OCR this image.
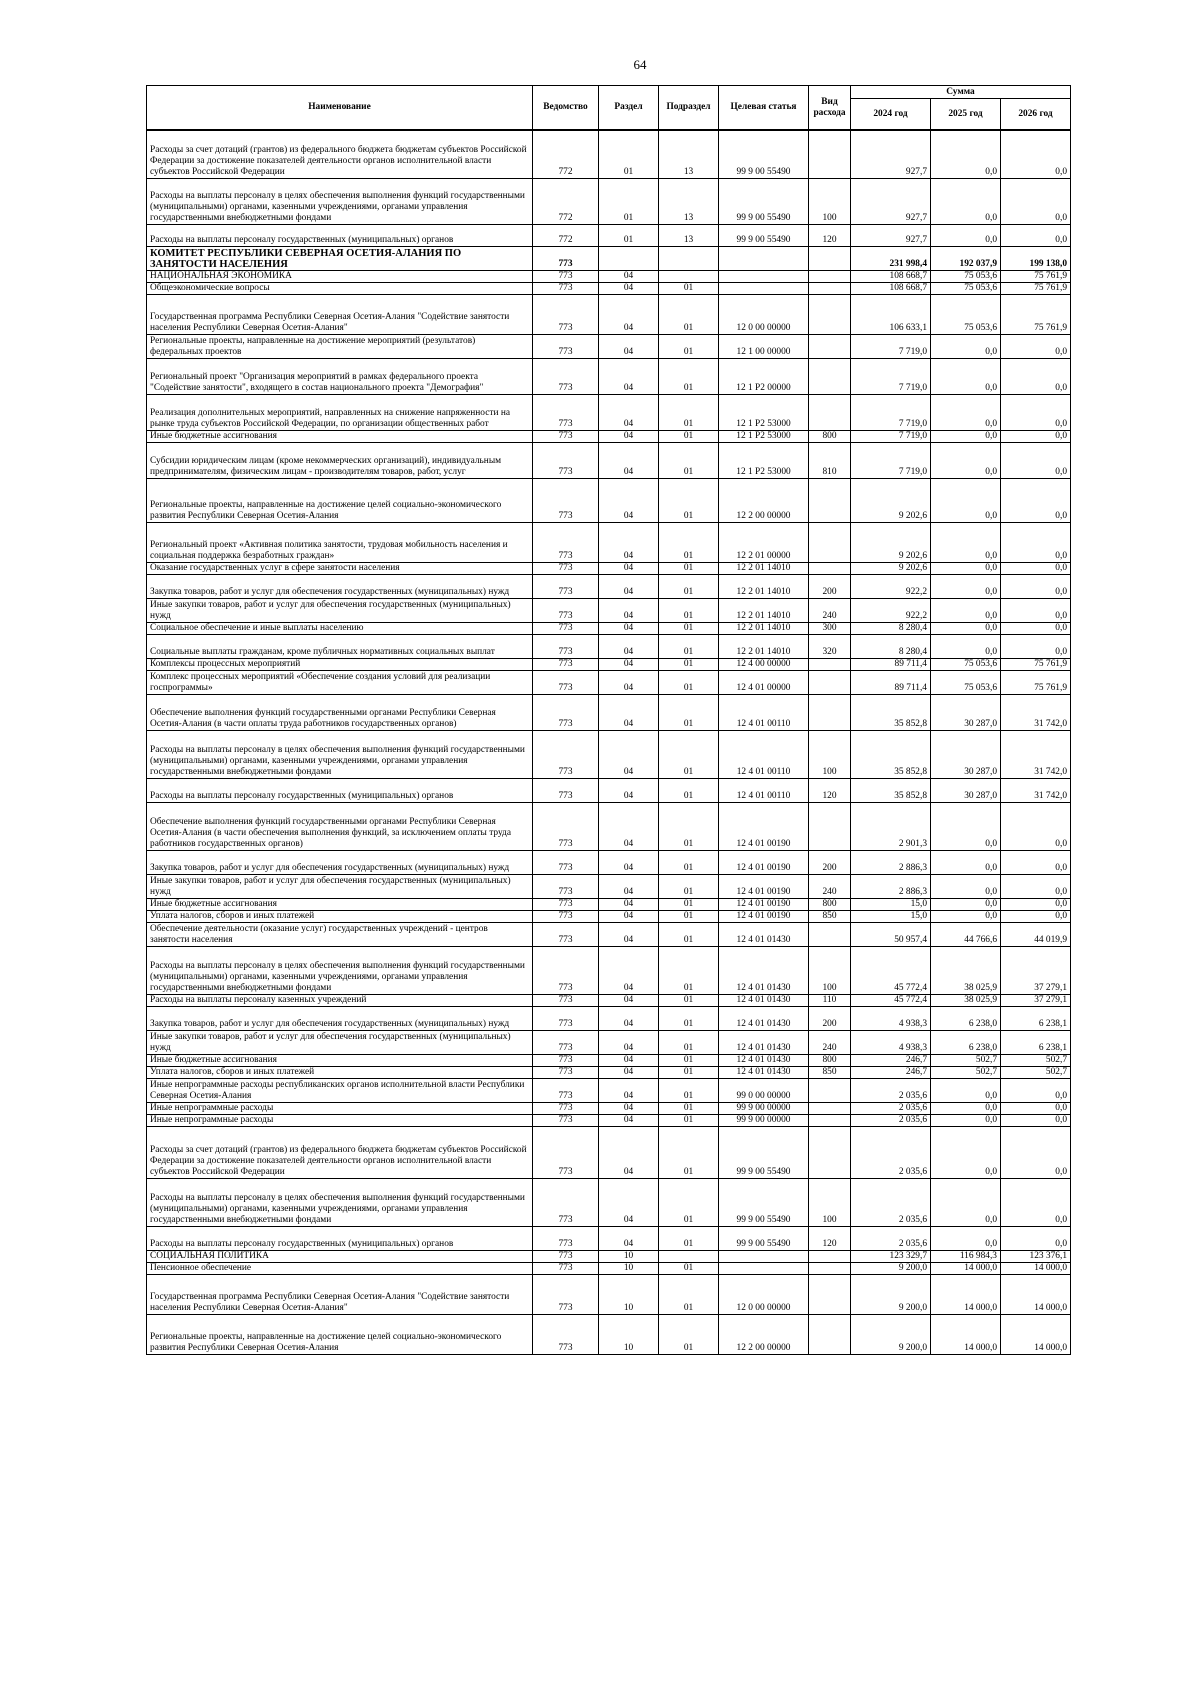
64
Наименование	Ведомство	Раздел	Подраздел	Целевая статья	Вид расхода	Сумма		
						2024 год	2025 год	2026 год
Расходы за счет дотаций (грантов) из федерального бюджета бюджетам субъектов Российской Федерации за достижение показателей деятельности органов исполнительной власти субъектов Российской Федерации	772	01	13	99 9 00 55490		927,7	0,0	0,0
Расходы на выплаты персоналу в целях обеспечения выполнения функций государственными (муниципальными) органами, казенными учреждениями, органами управления государственными внебюджетными фондами	772	01	13	99 9 00 55490	100	927,7	0,0	0,0
Расходы на выплаты персоналу государственных (муниципальных) органов	772	01	13	99 9 00 55490	120	927,7	0,0	0,0
КОМИТЕТ РЕСПУБЛИКИ СЕВЕРНАЯ ОСЕТИЯ-АЛАНИЯ ПО ЗАНЯТОСТИ НАСЕЛЕНИЯ	773					231 998,4	192 037,9	199 138,0
НАЦИОНАЛЬНАЯ ЭКОНОМИКА	773	04				108 668,7	75 053,6	75 761,9
Общеэкономические вопросы	773	04	01			108 668,7	75 053,6	75 761,9
Государственная программа Республики Северная Осетия-Алания "Содействие занятости населения Республики Северная Осетия-Алания"	773	04	01	12 0 00 00000		106 633,1	75 053,6	75 761,9
Региональные проекты, направленные на достижение мероприятий (результатов) федеральных проектов	773	04	01	12 1 00 00000		7 719,0	0,0	0,0
Региональный проект "Организация мероприятий в рамках федерального проекта "Содействие занятости", входящего в состав национального проекта "Демография"	773	04	01	12 1 P2 00000		7 719,0	0,0	0,0
Реализация дополнительных мероприятий, направленных на снижение напряженности на рынке труда субъектов Российской Федерации, по организации общественных работ	773	04	01	12 1 P2 53000		7 719,0	0,0	0,0
Иные бюджетные ассигнования	773	04	01	12 1 P2 53000	800	7 719,0	0,0	0,0
Субсидии юридическим лицам (кроме некоммерческих организаций), индивидуальным предпринимателям, физическим лицам - производителям товаров, работ, услуг	773	04	01	12 1 P2 53000	810	7 719,0	0,0	0,0
Региональные проекты, направленные на достижение целей социально-экономического развития Республики Северная Осетия-Алания	773	04	01	12 2 00 00000		9 202,6	0,0	0,0
Региональный проект «Активная политика занятости, трудовая мобильность населения и социальная поддержка безработных граждан»	773	04	01	12 2 01 00000		9 202,6	0,0	0,0
Оказание государственных услуг в сфере занятости населения	773	04	01	12 2 01 14010		9 202,6	0,0	0,0
Закупка товаров, работ и услуг для обеспечения государственных (муниципальных) нужд	773	04	01	12 2 01 14010	200	922,2	0,0	0,0
Иные закупки товаров, работ и услуг для обеспечения государственных (муниципальных) нужд	773	04	01	12 2 01 14010	240	922,2	0,0	0,0
Социальное обеспечение и иные выплаты населению	773	04	01	12 2 01 14010	300	8 280,4	0,0	0,0
Социальные выплаты гражданам, кроме публичных нормативных социальных выплат	773	04	01	12 2 01 14010	320	8 280,4	0,0	0,0
Комплексы процессных мероприятий	773	04	01	12 4 00 00000		89 711,4	75 053,6	75 761,9
Комплекс процессных мероприятий «Обеспечение создания условий для реализации госпрограммы»	773	04	01	12 4 01 00000		89 711,4	75 053,6	75 761,9
Обеспечение выполнения функций государственными органами Республики Северная Осетия-Алания (в части оплаты труда работников государственных органов)	773	04	01	12 4 01 00110		35 852,8	30 287,0	31 742,0
Расходы на выплаты персоналу в целях обеспечения выполнения функций государственными (муниципальными) органами, казенными учреждениями, органами управления государственными внебюджетными фондами	773	04	01	12 4 01 00110	100	35 852,8	30 287,0	31 742,0
Расходы на выплаты персоналу государственных (муниципальных) органов	773	04	01	12 4 01 00110	120	35 852,8	30 287,0	31 742,0
Обеспечение выполнения функций государственными органами Республики Северная Осетия-Алания (в части обеспечения выполнения функций, за исключением оплаты труда работников государственных органов)	773	04	01	12 4 01 00190		2 901,3	0,0	0,0
Закупка товаров, работ и услуг для обеспечения государственных (муниципальных) нужд	773	04	01	12 4 01 00190	200	2 886,3	0,0	0,0
Иные закупки товаров, работ и услуг для обеспечения государственных (муниципальных) нужд	773	04	01	12 4 01 00190	240	2 886,3	0,0	0,0
Иные бюджетные ассигнования	773	04	01	12 4 01 00190	800	15,0	0,0	0,0
Уплата налогов, сборов и иных платежей	773	04	01	12 4 01 00190	850	15,0	0,0	0,0
Обеспечение деятельности (оказание услуг) государственных учреждений - центров занятости населения	773	04	01	12 4 01 01430		50 957,4	44 766,6	44 019,9
Расходы на выплаты персоналу в целях обеспечения выполнения функций государственными (муниципальными) органами, казенными учреждениями, органами управления государственными внебюджетными фондами	773	04	01	12 4 01 01430	100	45 772,4	38 025,9	37 279,1
Расходы на выплаты персоналу казенных учреждений	773	04	01	12 4 01 01430	110	45 772,4	38 025,9	37 279,1
Закупка товаров, работ и услуг для обеспечения государственных (муниципальных) нужд	773	04	01	12 4 01 01430	200	4 938,3	6 238,0	6 238,1
Иные закупки товаров, работ и услуг для обеспечения государственных (муниципальных) нужд	773	04	01	12 4 01 01430	240	4 938,3	6 238,0	6 238,1
Иные бюджетные ассигнования	773	04	01	12 4 01 01430	800	246,7	502,7	502,7
Уплата налогов, сборов и иных платежей	773	04	01	12 4 01 01430	850	246,7	502,7	502,7
Иные непрограммные расходы республиканских органов исполнительной власти Республики Северная Осетия-Алания	773	04	01	99 0 00 00000		2 035,6	0,0	0,0
Иные непрограммные расходы	773	04	01	99 9 00 00000		2 035,6	0,0	0,0
Иные непрограммные расходы	773	04	01	99 9 00 00000		2 035,6	0,0	0,0
Расходы за счет дотаций (грантов) из федерального бюджета бюджетам субъектов Российской Федерации за достижение показателей деятельности органов исполнительной власти субъектов Российской Федерации	773	04	01	99 9 00 55490		2 035,6	0,0	0,0
Расходы на выплаты персоналу в целях обеспечения выполнения функций государственными (муниципальными) органами, казенными учреждениями, органами управления государственными внебюджетными фондами	773	04	01	99 9 00 55490	100	2 035,6	0,0	0,0
Расходы на выплаты персоналу государственных (муниципальных) органов	773	04	01	99 9 00 55490	120	2 035,6	0,0	0,0
СОЦИАЛЬНАЯ ПОЛИТИКА	773	10				123 329,7	116 984,3	123 376,1
Пенсионное обеспечение	773	10	01			9 200,0	14 000,0	14 000,0
Государственная программа Республики Северная Осетия-Алания "Содействие занятости населения Республики Северная Осетия-Алания"	773	10	01	12 0 00 00000		9 200,0	14 000,0	14 000,0
Региональные проекты, направленные на достижение целей социально-экономического развития Республики Северная Осетия-Алания	773	10	01	12 2 00 00000		9 200,0	14 000,0	14 000,0
